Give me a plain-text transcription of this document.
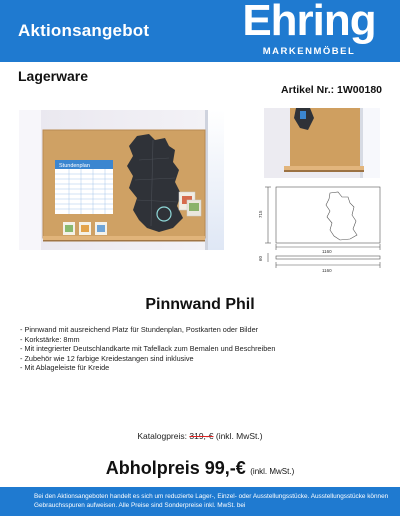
Aktionsangebot Ehring
MARKENMÖBEL
Lagerware
Artikel Nr.: 1W00180
Stundenplan
715
1160
60
1160
Pinnwand Phil
- Pinnwand mit ausreichend Platz für Stundenplan, Postkarten oder Bilder
- Korkstärke: 8mm
- Mit integrierter Deutschlandkarte mit Tafellack zum Bemalen und Beschreiben
- Zubehör wie 12 farbige Kreidestangen sind inklusive
- Mit Ablageleiste für Kreide
Katalogpreis: 319,-€ (inkl. MwSt.)
Abholpreis 99,-€ (inkl. MwSt.)

Bei den Aktionsangeboten handelt es sich um reduzierte Lager-, Einzel- oder Ausstellungsstücke. Ausstellungsstücke können Gebrauchsspuren aufweisen. Alle Preise sind Sonderpreise inkl. MwSt. bei
